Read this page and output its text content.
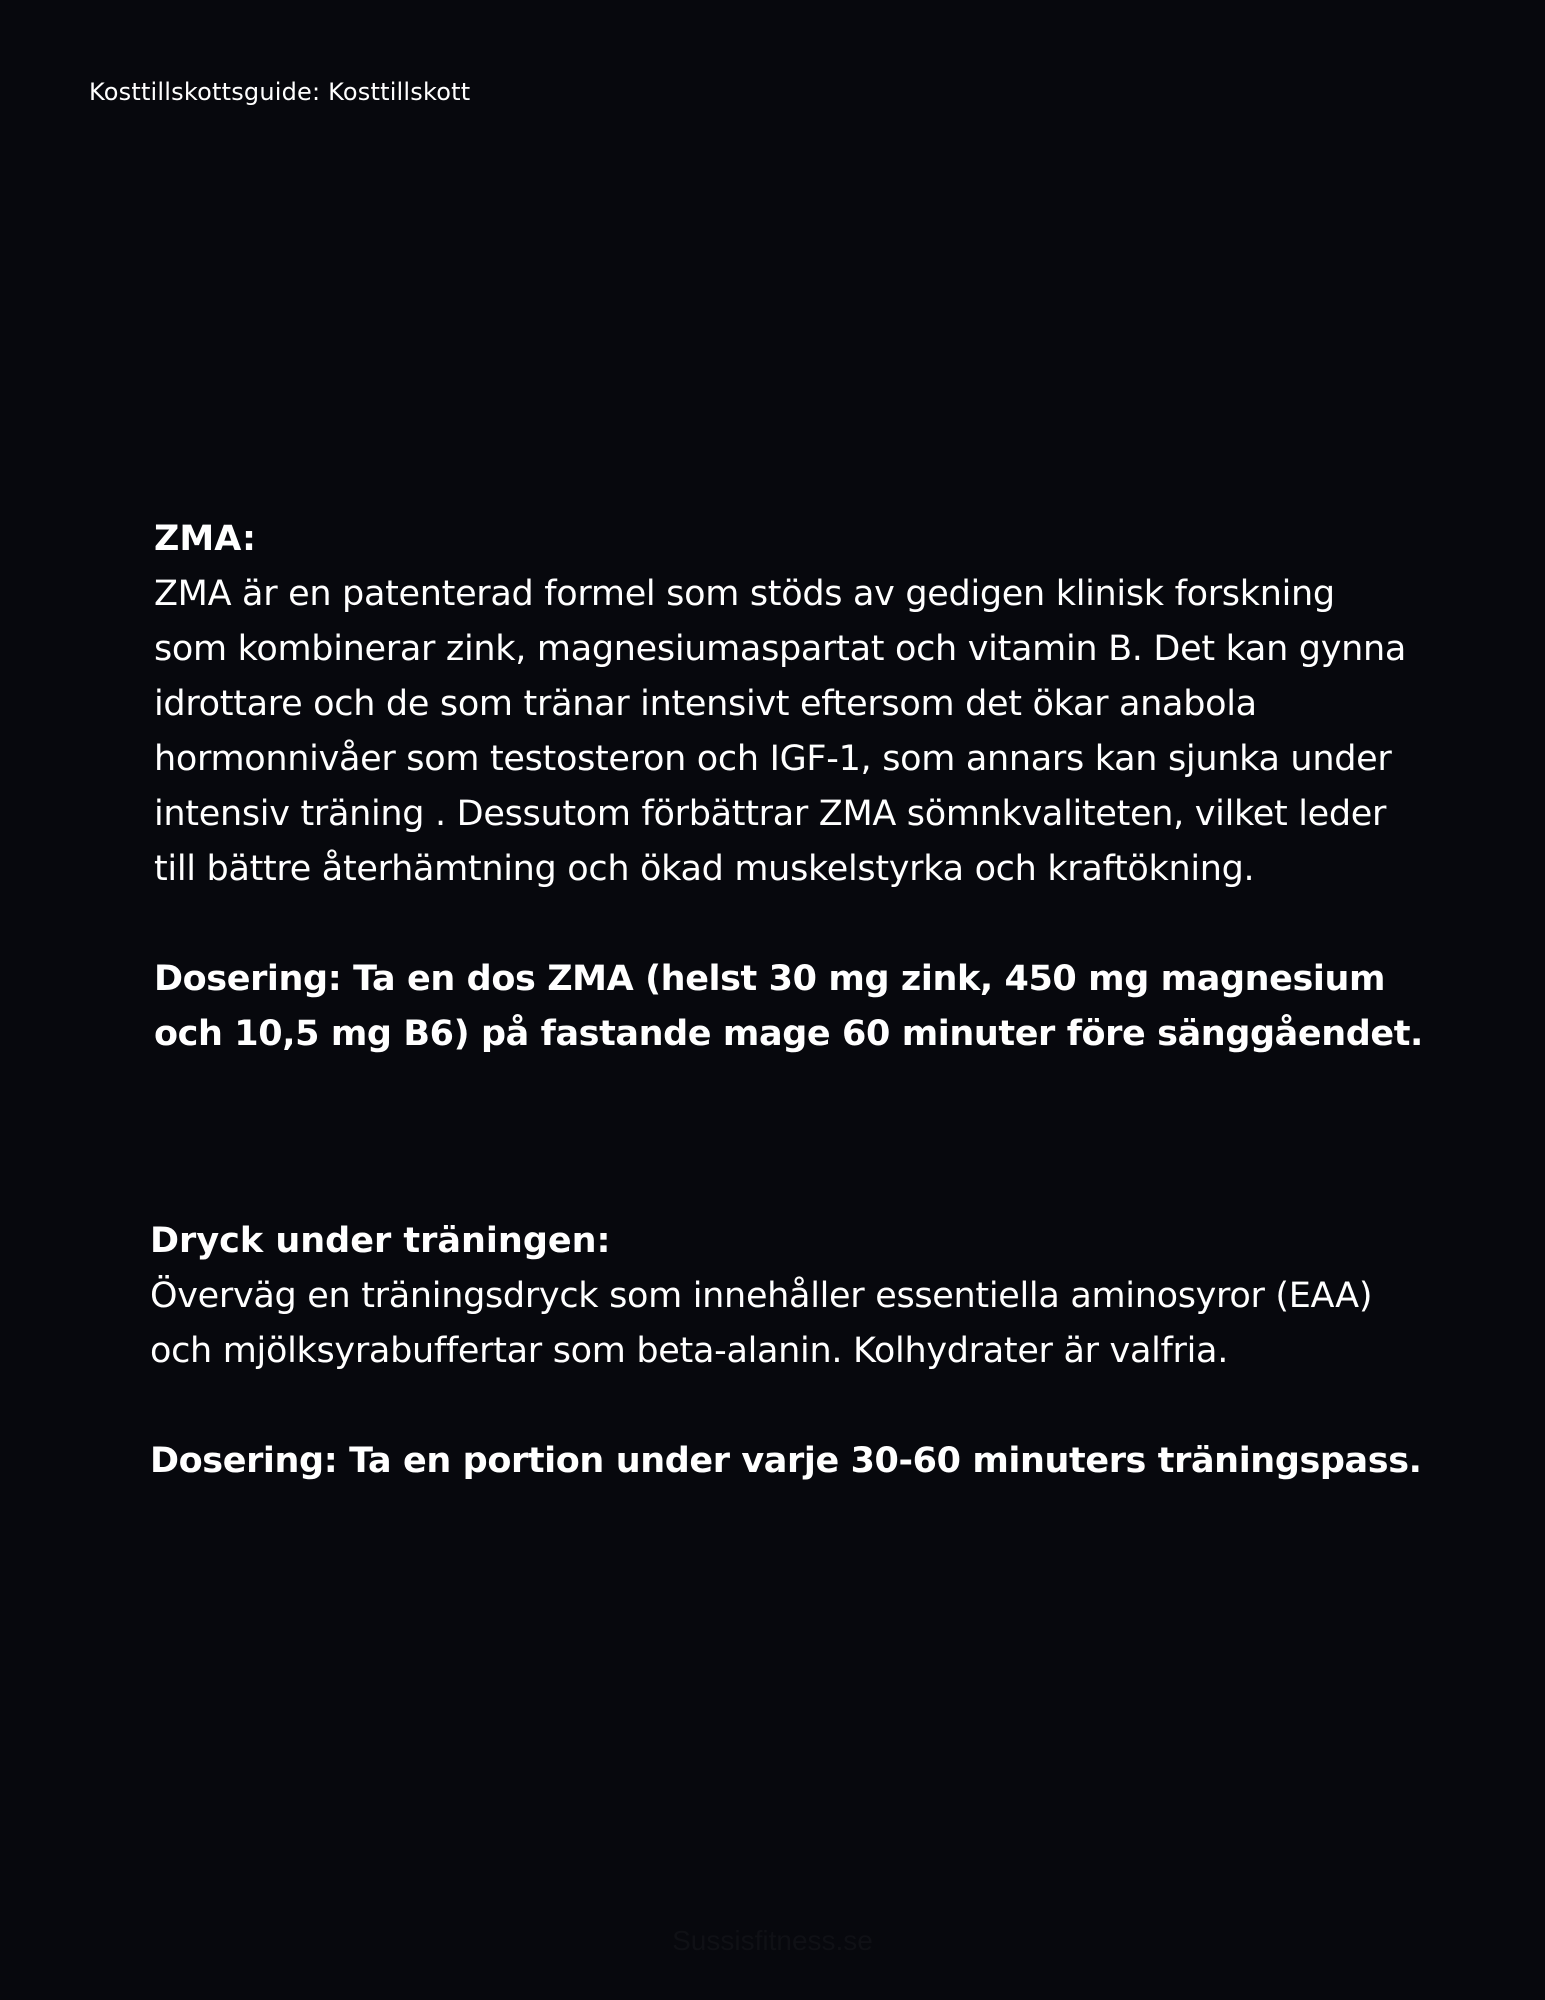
Kosttillskottsguide: Kosttillskott

ZMA:

ZMA är en patenterad formel som stöds av gedigen klinisk forskning
som kombinerar zink, magnesiumaspartat och vitamin B. Det kan gynna
idrottare och de som tränar intensivt eftersom det ökar anabola
hormonnivåer som testosteron och IGF-1, som annars kan sjunka under
intensiv träning . Dessutom förbättrar ZMA sömnkvaliteten, vilket leder
till bättre återhämtning och ökad muskelstyrka och kraftökning.

Dosering: Ta en dos ZMA (helst 30 mg zink, 450 mg magnesium
och 10,5 mg B6) på fastande mage 60 minuter före sänggåendet.

Dryck under träningen:

Överväg en träningsdryck som innehåller essentiella aminosyror (EAA)
och mjölksyrabuffertar som beta-alanin. Kolhydrater är valfria.

Dosering: Ta en portion under varje 30-60 minuters träningspass.

Sussisfitness.se
